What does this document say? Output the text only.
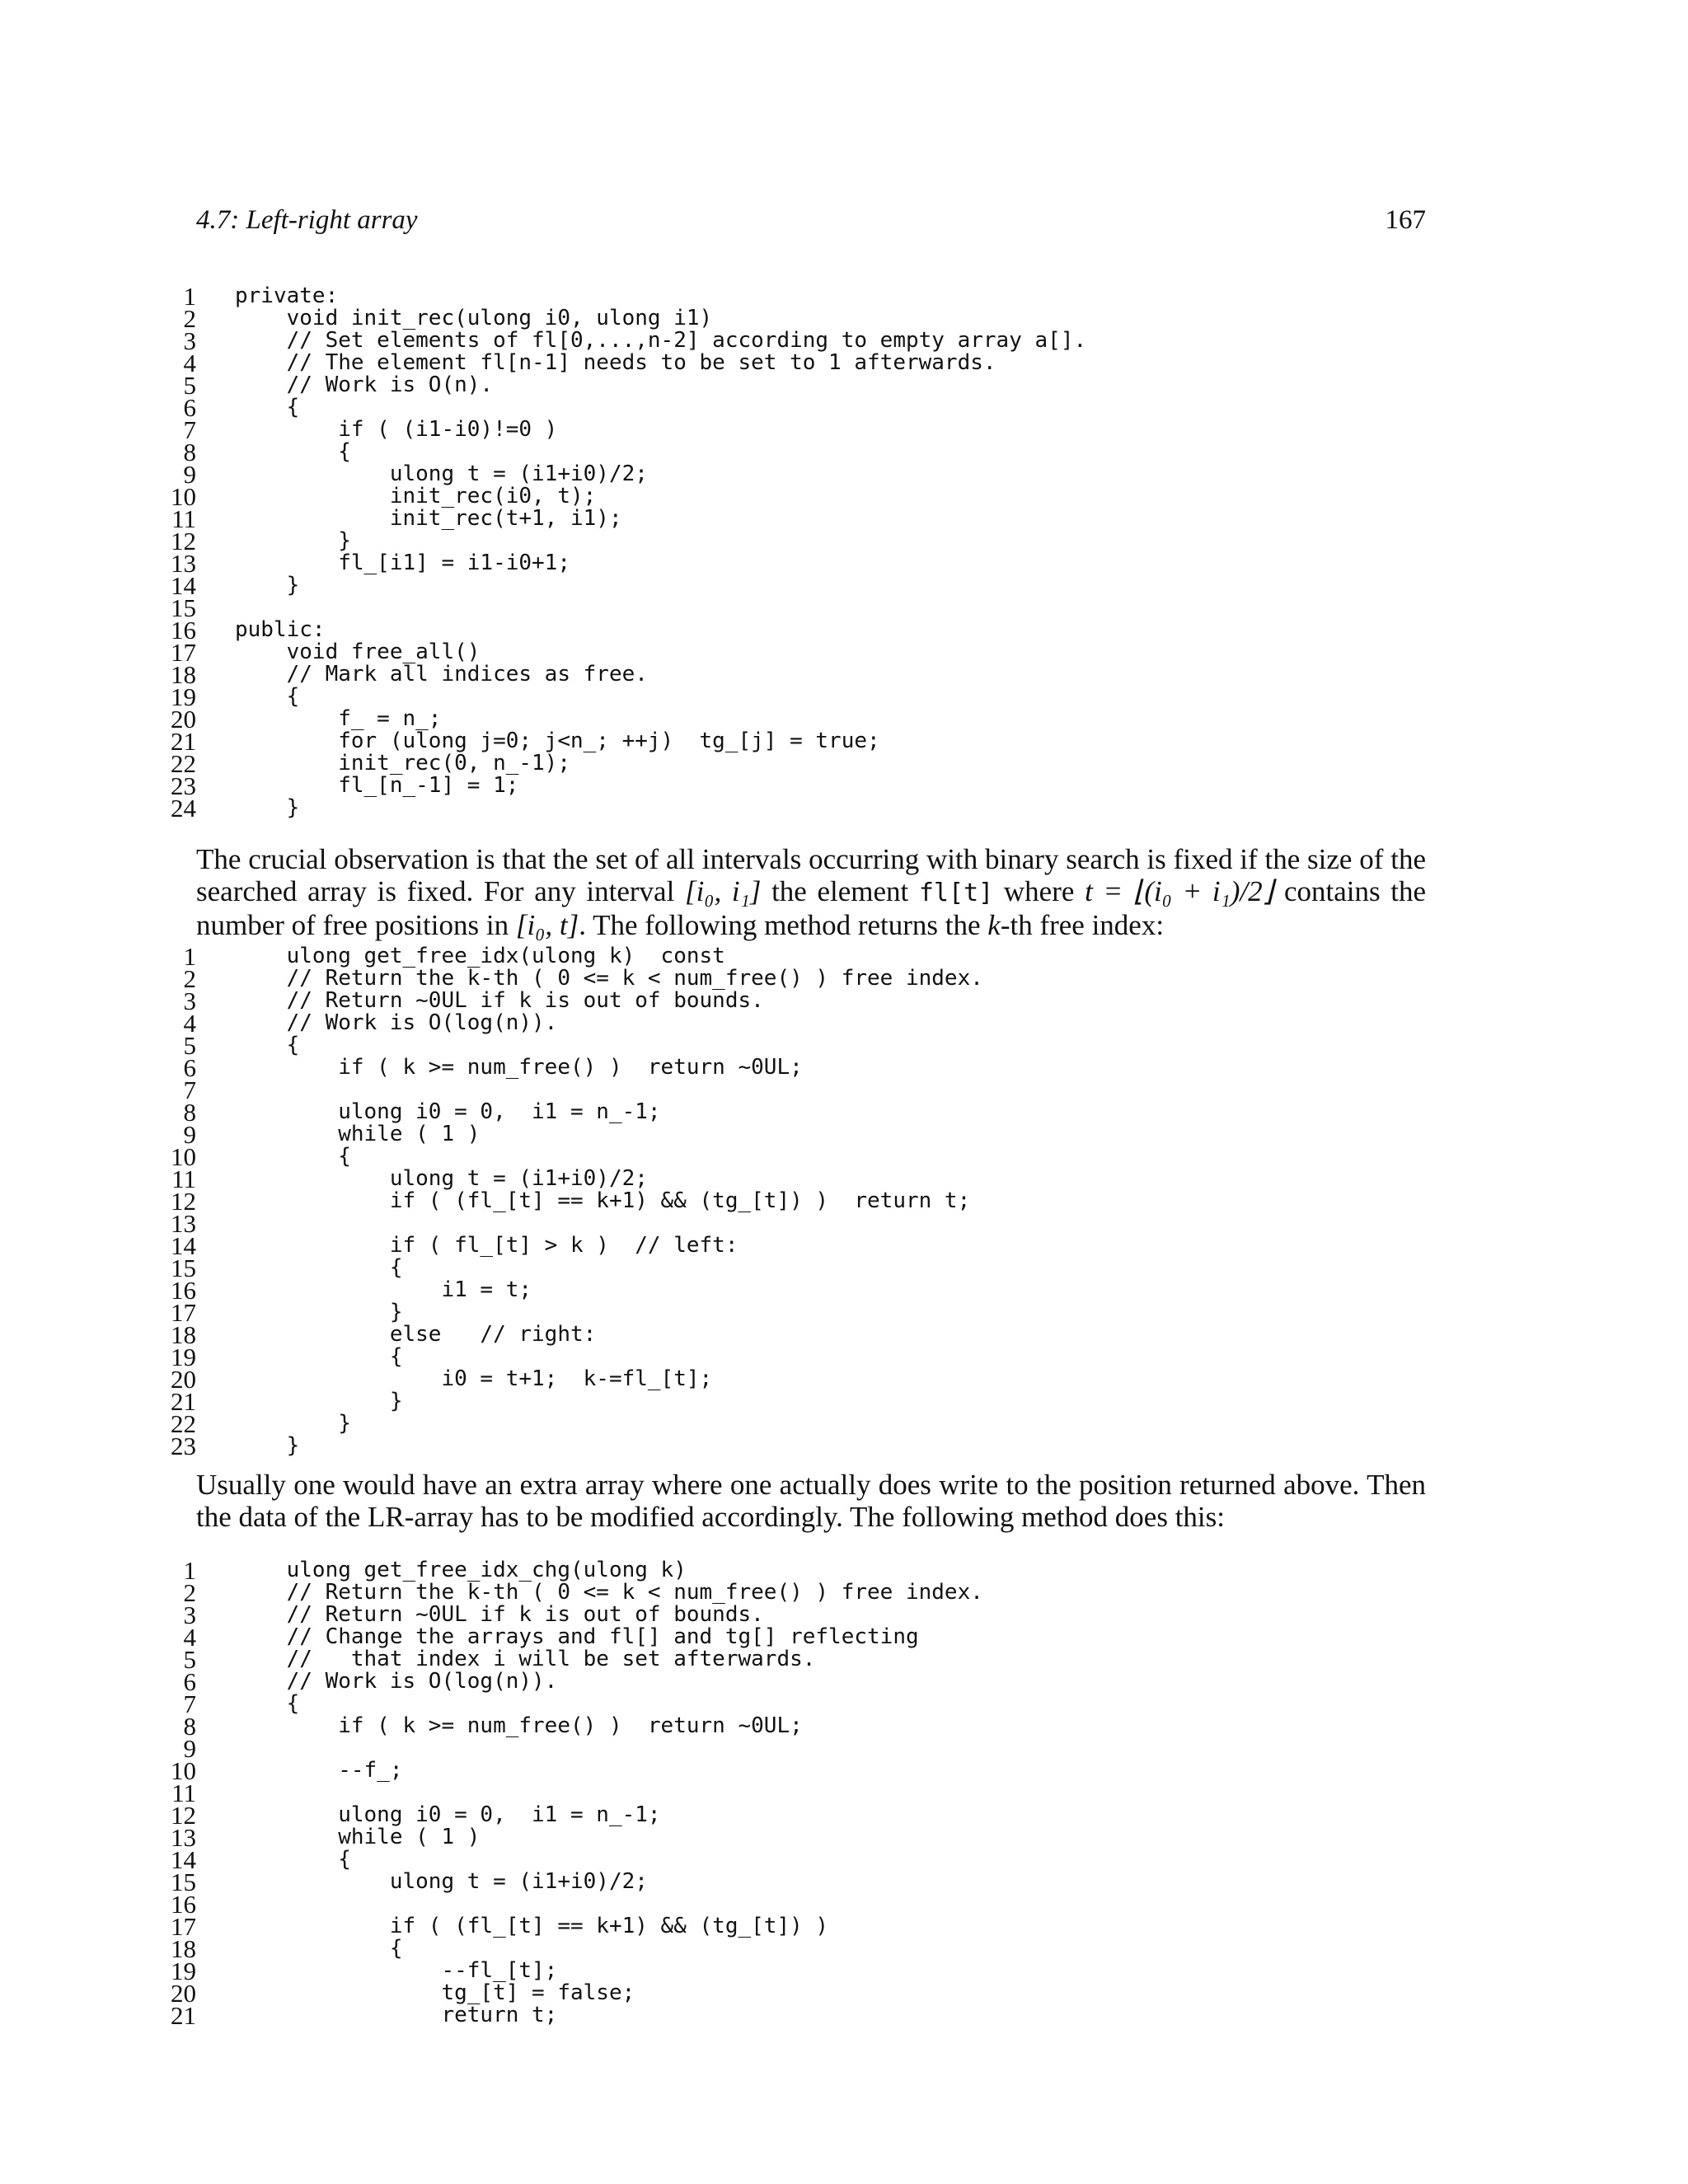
4.7: Left-right array	167
1 private:
2 void init_rec(ulong i0, ulong i1)
3 // Set elements of fl[0,...,n-2] according to empty array a[].
4 // The element fl[n-1] needs to be set to 1 afterwards.
5 // Work is O(n).
6 {
7 if ( (i1-i0)!=0 )
8 {
9 ulong t = (i1+i0)/2;
10 init_rec(i0, t);
11 init_rec(t+1, i1);
12 }
13 fl_[i1] = i1-i0+1;
14 }
15
16 public:
17 void free_all()
18 // Mark all indices as free.
19 {
20 f_ = n_;
21 for (ulong j=0; j<n_; ++j)  tg_[j] = true;
22 init_rec(0, n_-1);
23 fl_[n_-1] = 1;
24 }
The crucial observation is that the set of all intervals occurring with binary search is fixed if the size of the searched array is fixed. For any interval [i₀, i₁] the element fl[t] where t = ⌊(i₀ + i₁)/2⌋ contains the number of free positions in [i₀, t]. The following method returns the k-th free index:
1 ulong get_free_idx(ulong k)  const
2 // Return the k-th ( 0 <= k < num_free() ) free index.
3 // Return ~0UL if k is out of bounds.
4 // Work is O(log(n)).
5 {
6 if ( k >= num_free() )  return ~0UL;
7
8 ulong i0 = 0,  i1 = n_-1;
9 while ( 1 )
10 {
11 ulong t = (i1+i0)/2;
12 if ( (fl_[t] == k+1) && (tg_[t]) )  return t;
13
14 if ( fl_[t] > k )  // left:
15 {
16 i1 = t;
17 }
18 else   // right:
19 {
20 i0 = t+1;  k-=fl_[t];
21 }
22 }
23 }
Usually one would have an extra array where one actually does write to the position returned above. Then the data of the LR-array has to be modified accordingly. The following method does this:
1 ulong get_free_idx_chg(ulong k)
2 // Return the k-th ( 0 <= k < num_free() ) free index.
3 // Return ~0UL if k is out of bounds.
4 // Change the arrays and fl[] and tg[] reflecting
5 //   that index i will be set afterwards.
6 // Work is O(log(n)).
7 {
8 if ( k >= num_free() )  return ~0UL;
9
10 --f_;
11
12 ulong i0 = 0,  i1 = n_-1;
13 while ( 1 )
14 {
15 ulong t = (i1+i0)/2;
16
17 if ( (fl_[t] == k+1) && (tg_[t]) )
18 {
19 --fl_[t];
20 tg_[t] = false;
21 return t;
